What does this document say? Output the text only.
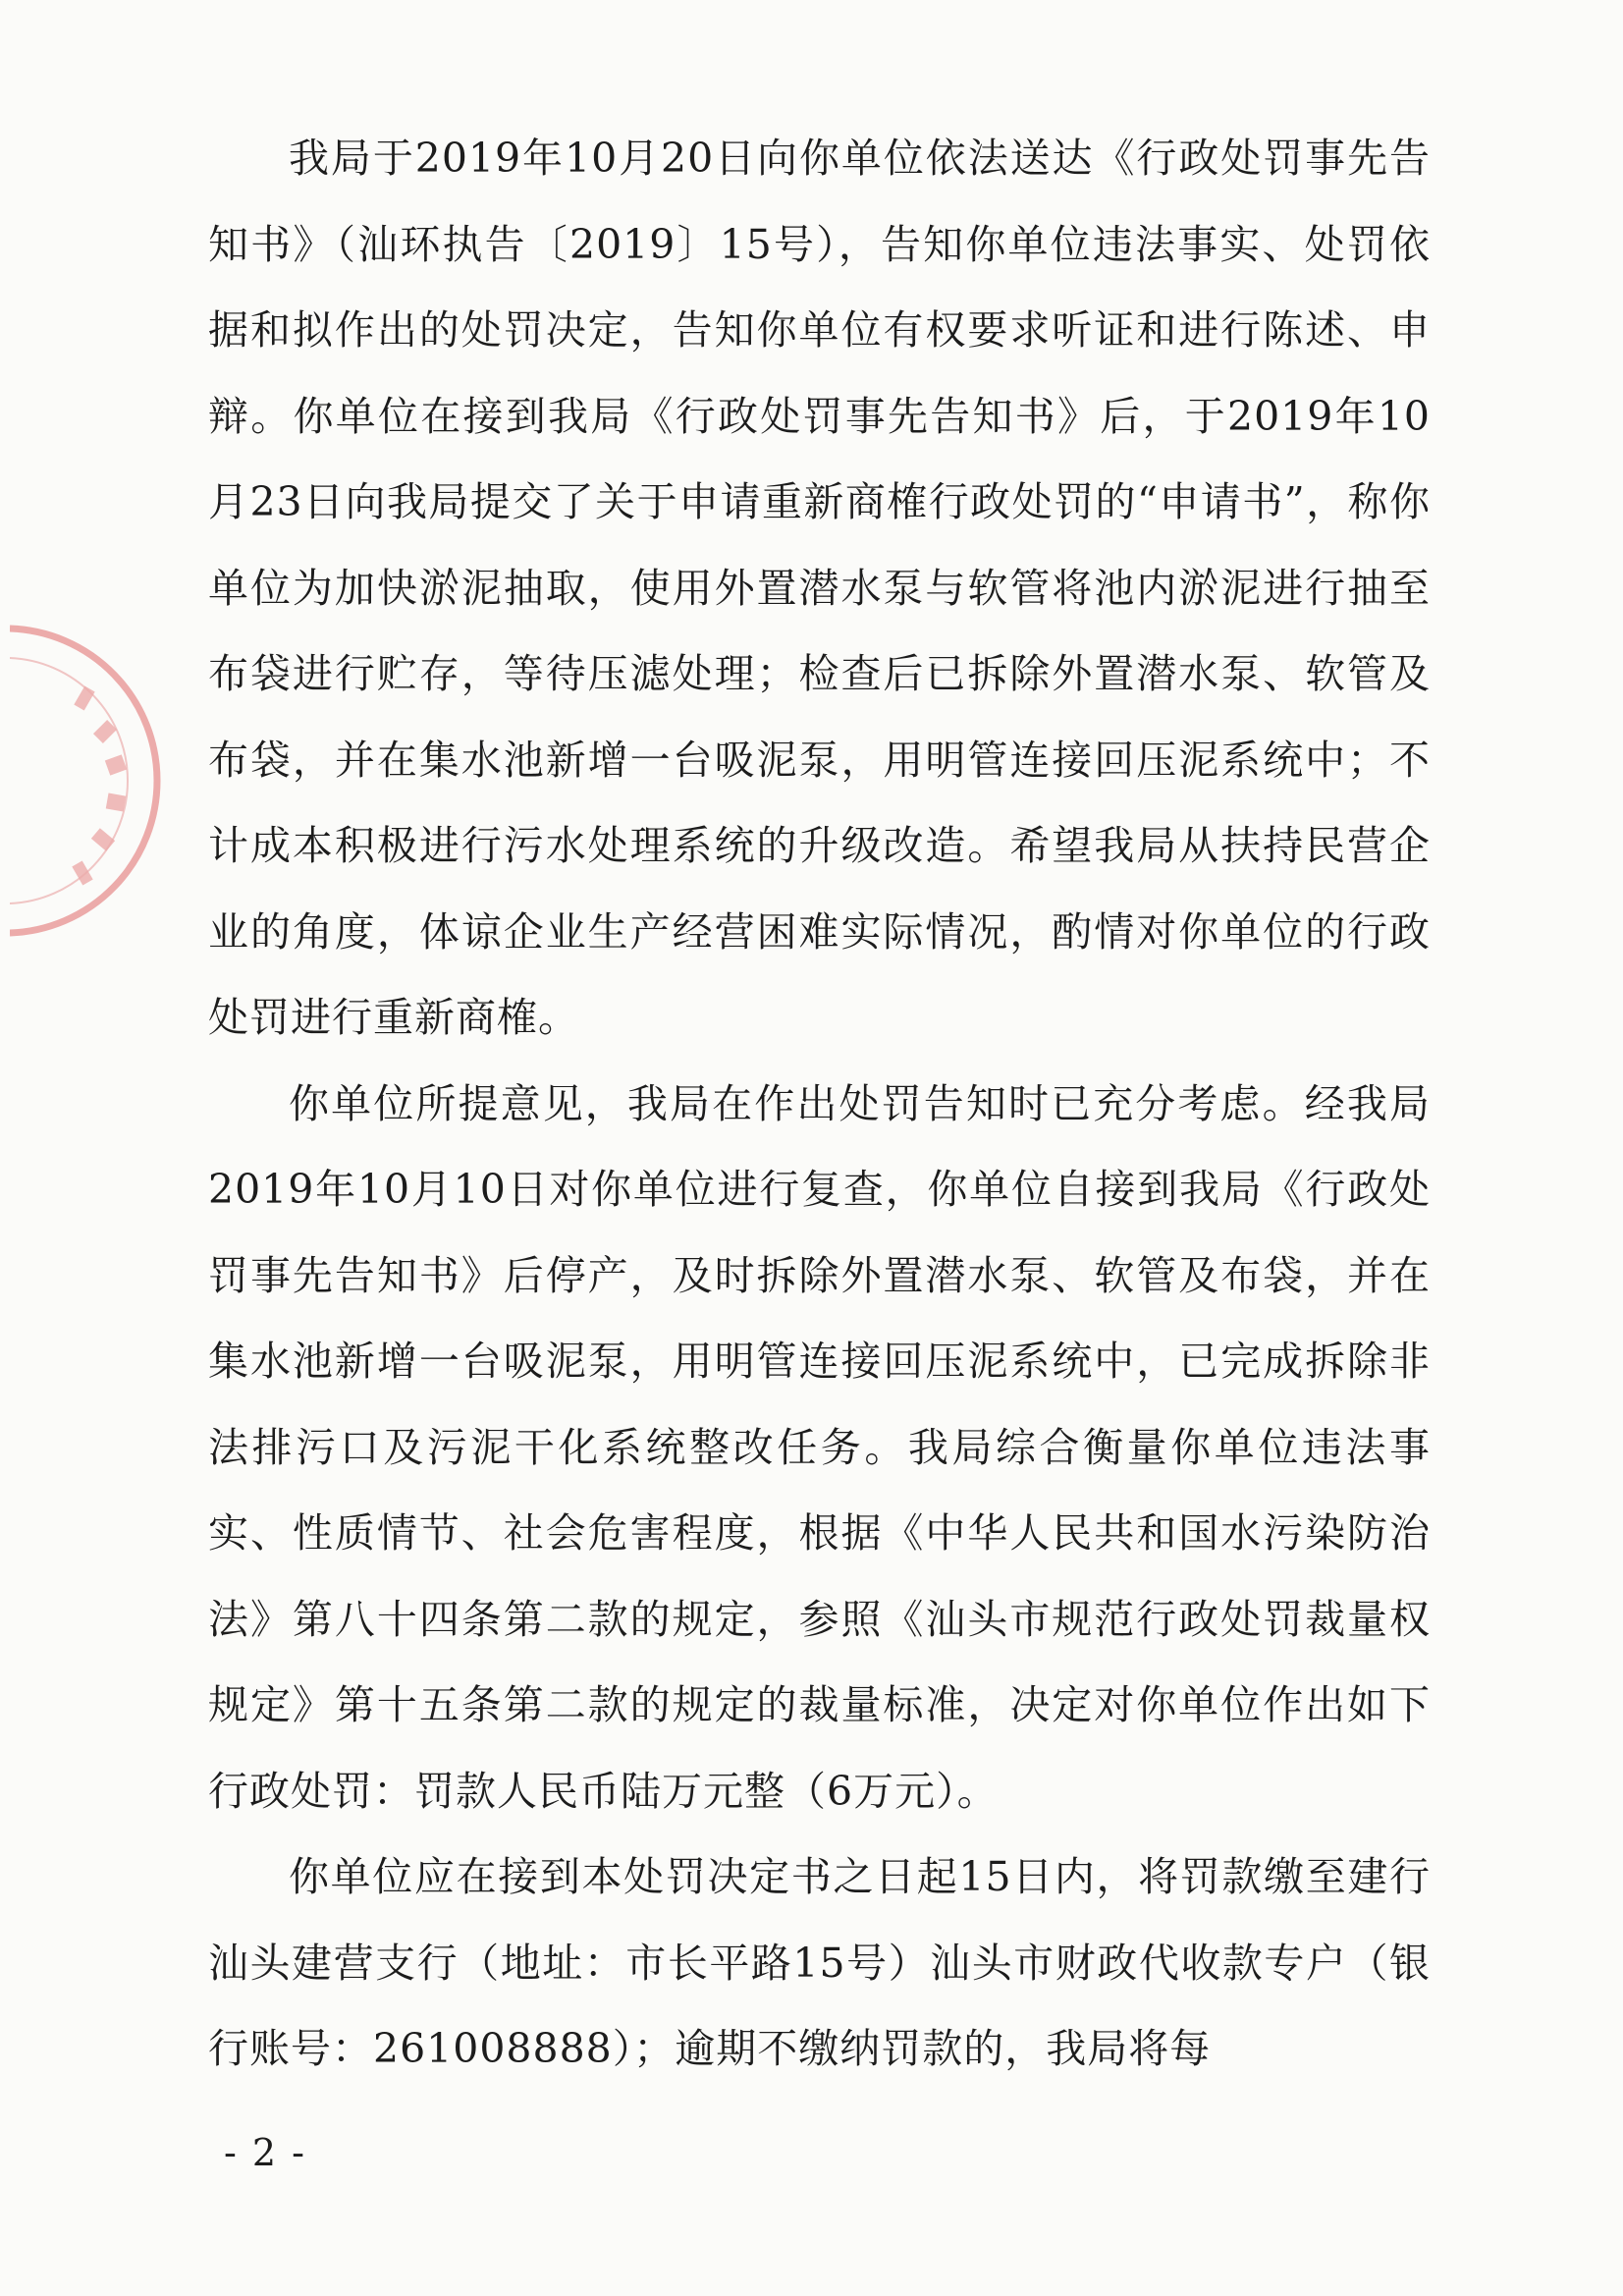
我局于2019年10月20日向你单位依法送达《行政处罚事先告知书》（汕环执告〔2019〕15号），告知你单位违法事实、处罚依据和拟作出的处罚决定，告知你单位有权要求听证和进行陈述、申辩。你单位在接到我局《行政处罚事先告知书》后，于2019年10月23日向我局提交了关于申请重新商榷行政处罚的“申请书”，称你单位为加快淤泥抽取，使用外置潜水泵与软管将池内淤泥进行抽至布袋进行贮存，等待压滤处理；检查后已拆除外置潜水泵、软管及布袋，并在集水池新增一台吸泥泵，用明管连接回压泥系统中；不计成本积极进行污水处理系统的升级改造。希望我局从扶持民营企业的角度，体谅企业生产经营困难实际情况，酌情对你单位的行政处罚进行重新商榷。

你单位所提意见，我局在作出处罚告知时已充分考虑。经我局2019年10月10日对你单位进行复查，你单位自接到我局《行政处罚事先告知书》后停产，及时拆除外置潜水泵、软管及布袋，并在集水池新增一台吸泥泵，用明管连接回压泥系统中，已完成拆除非法排污口及污泥干化系统整改任务。我局综合衡量你单位违法事实、性质情节、社会危害程度，根据《中华人民共和国水污染防治法》第八十四条第二款的规定，参照《汕头市规范行政处罚裁量权规定》第十五条第二款的规定的裁量标准，决定对你单位作出如下行政处罚：罚款人民币陆万元整（6万元）。

你单位应在接到本处罚决定书之日起15日内，将罚款缴至建行汕头建营支行（地址：市长平路15号）汕头市财政代收款专户（银行账号：261008888）；逾期不缴纳罚款的，我局将每

- 2 -
